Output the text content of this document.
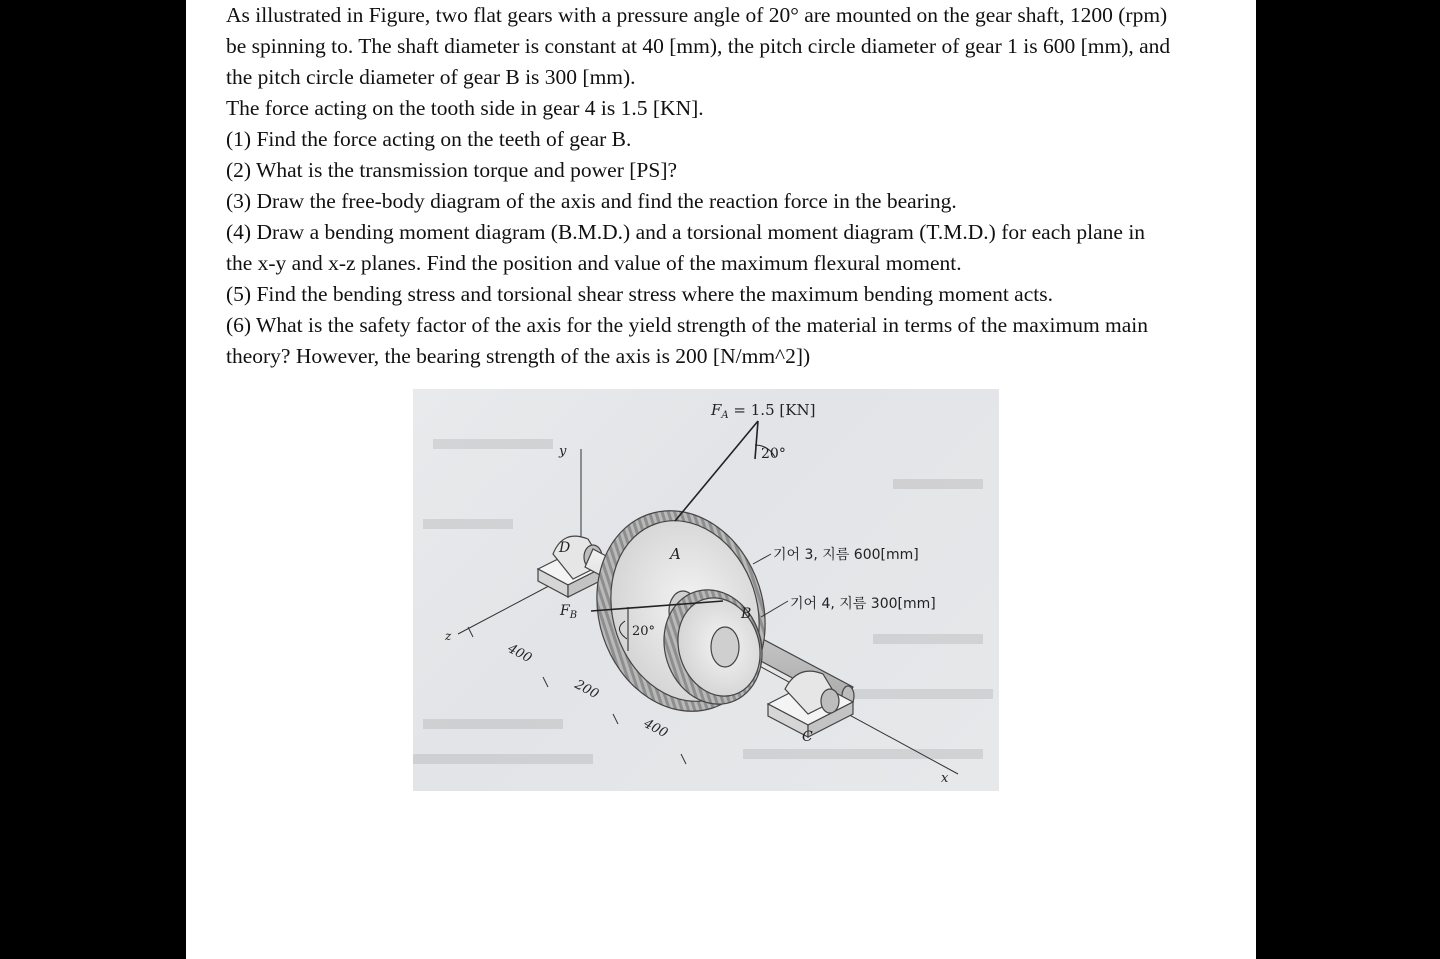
As illustrated in Figure, two flat gears with a pressure angle of 20° are mounted on the gear shaft, 1200 (rpm)

be spinning to. The shaft diameter is constant at 40 [mm), the pitch circle diameter of gear 1 is 600 [mm), and

the pitch circle diameter of gear B is 300 [mm).

The force acting on the tooth side in gear 4 is 1.5 [KN].

(1) Find the force acting on the teeth of gear B.

(2) What is the transmission torque and power [PS]?

(3) Draw the free-body diagram of the axis and find the reaction force in the bearing.

(4) Draw a bending moment diagram (B.M.D.) and a torsional moment diagram (T.M.D.) for each plane in

the x-y and x-z planes. Find the position and value of the maximum flexural moment.

(5) Find the bending stress and torsional shear stress where the maximum bending moment acts.

(6) What is the safety factor of the axis for the yield strength of the material in terms of the maximum main

theory? However, the bearing strength of the axis is 200 [N/mm^2])

$F_A = 1.5$ [KN]
20°
기어 3, 지름 600[mm]
기어 4, 지름 300[mm]
y
z
x
A
B
C
D
$F_B$
20°
400
200
400
